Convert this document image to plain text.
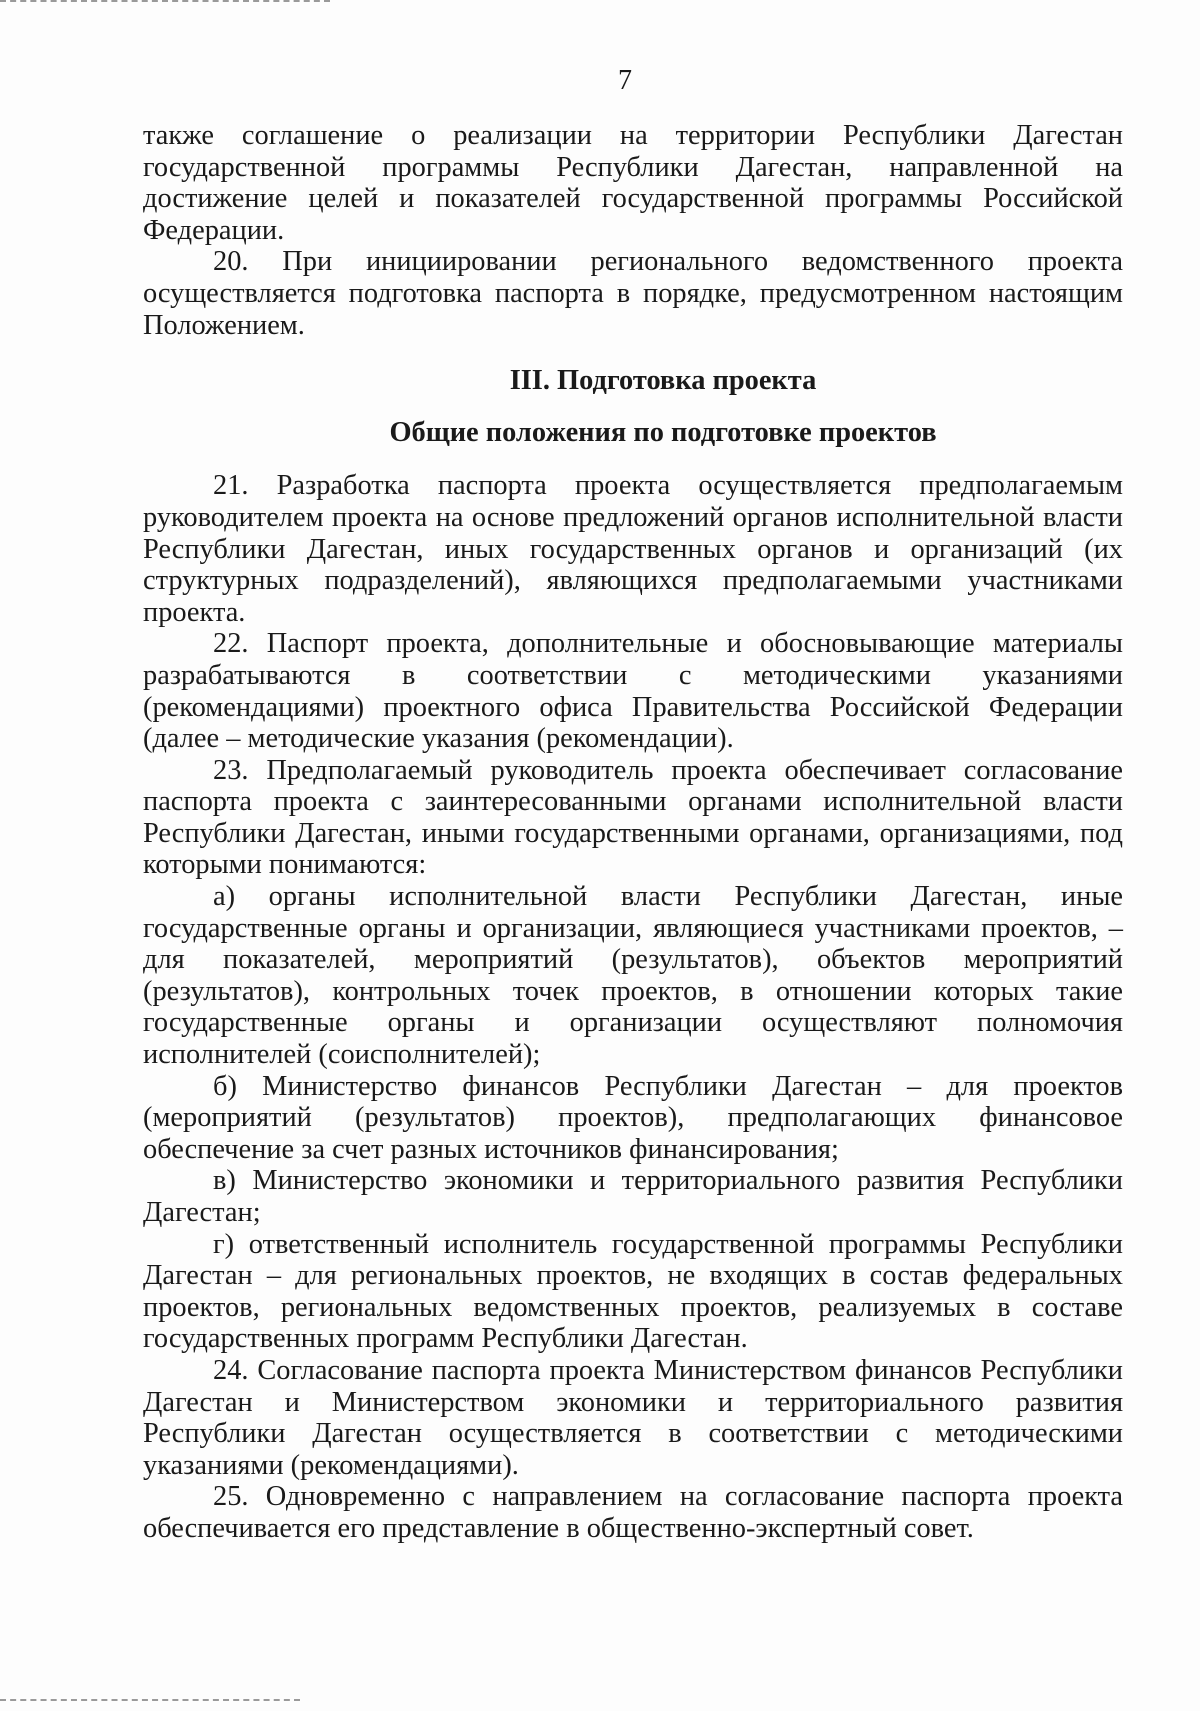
7

также соглашение о реализации на территории Республики Дагестан государственной программы Республики Дагестан, направленной на достижение целей и показателей государственной программы Российской Федерации.

20. При инициировании регионального ведомственного проекта осуществляется подготовка паспорта в порядке, предусмотренном настоящим Положением.

III. Подготовка проекта
Общие положения по подготовке проектов

21. Разработка паспорта проекта осуществляется предполагаемым руководителем проекта на основе предложений органов исполнительной власти Республики Дагестан, иных государственных органов и организаций (их структурных подразделений), являющихся предполагаемыми участниками проекта.

22. Паспорт проекта, дополнительные и обосновывающие материалы разрабатываются в соответствии с методическими указаниями (рекомендациями) проектного офиса Правительства Российской Федерации (далее – методические указания (рекомендации).

23. Предполагаемый руководитель проекта обеспечивает согласование паспорта проекта с заинтересованными органами исполнительной власти Республики Дагестан, иными государственными органами, организациями, под которыми понимаются:

а) органы исполнительной власти Республики Дагестан, иные государственные органы и организации, являющиеся участниками проектов, – для показателей, мероприятий (результатов), объектов мероприятий (результатов), контрольных точек проектов, в отношении которых такие государственные органы и организации осуществляют полномочия исполнителей (соисполнителей);

б) Министерство финансов Республики Дагестан – для проектов (мероприятий (результатов) проектов), предполагающих финансовое обеспечение за счет разных источников финансирования;

в) Министерство экономики и территориального развития Республики Дагестан;

г) ответственный исполнитель государственной программы Республики Дагестан – для региональных проектов, не входящих в состав федеральных проектов, региональных ведомственных проектов, реализуемых в составе государственных программ Республики Дагестан.

24. Согласование паспорта проекта Министерством финансов Республики Дагестан и Министерством экономики и территориального развития Республики Дагестан осуществляется в соответствии с методическими указаниями (рекомендациями).

25. Одновременно с направлением на согласование паспорта проекта обеспечивается его представление в общественно-экспертный совет.
